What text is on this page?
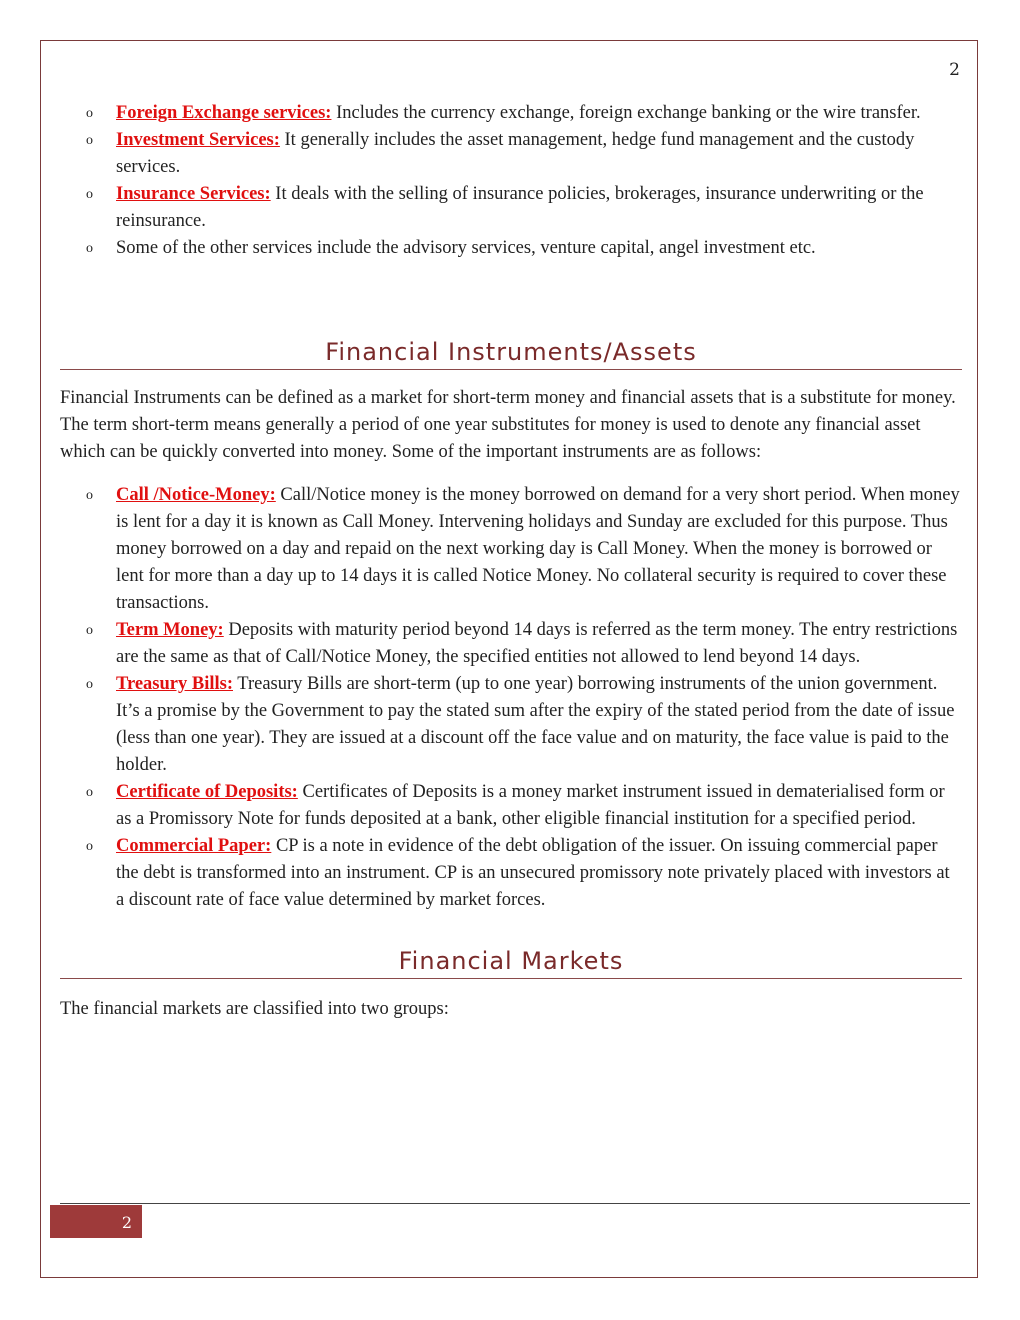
2
o Foreign Exchange services: Includes the currency exchange, foreign exchange banking or the wire transfer.
o Investment Services: It generally includes the asset management, hedge fund management and the custody services.
o Insurance Services: It deals with the selling of insurance policies, brokerages, insurance underwriting or the reinsurance.
o Some of the other services include the advisory services, venture capital, angel investment etc.
Financial Instruments/Assets

Financial Instruments can be defined as a market for short-term money and financial assets that is a substitute for money. The term short-term means generally a period of one year substitutes for money is used to denote any financial asset which can be quickly converted into money. Some of the important instruments are as follows:

o Call /Notice-Money: Call/Notice money is the money borrowed on demand for a very short period. When money is lent for a day it is known as Call Money. Intervening holidays and Sunday are excluded for this purpose. Thus money borrowed on a day and repaid on the next working day is Call Money. When the money is borrowed or lent for more than a day up to 14 days it is called Notice Money. No collateral security is required to cover these transactions.
o Term Money: Deposits with maturity period beyond 14 days is referred as the term money. The entry restrictions are the same as that of Call/Notice Money, the specified entities not allowed to lend beyond 14 days.
o Treasury Bills: Treasury Bills are short-term (up to one year) borrowing instruments of the union government. It’s a promise by the Government to pay the stated sum after the expiry of the stated period from the date of issue (less than one year). They are issued at a discount off the face value and on maturity, the face value is paid to the holder.
o Certificate of Deposits: Certificates of Deposits is a money market instrument issued in dematerialised form or as a Promissory Note for funds deposited at a bank, other eligible financial institution for a specified period.
o Commercial Paper: CP is a note in evidence of the debt obligation of the issuer. On issuing commercial paper the debt is transformed into an instrument. CP is an unsecured promissory note privately placed with investors at a discount rate of face value determined by market forces.
Financial Markets

The financial markets are classified into two groups:

2
